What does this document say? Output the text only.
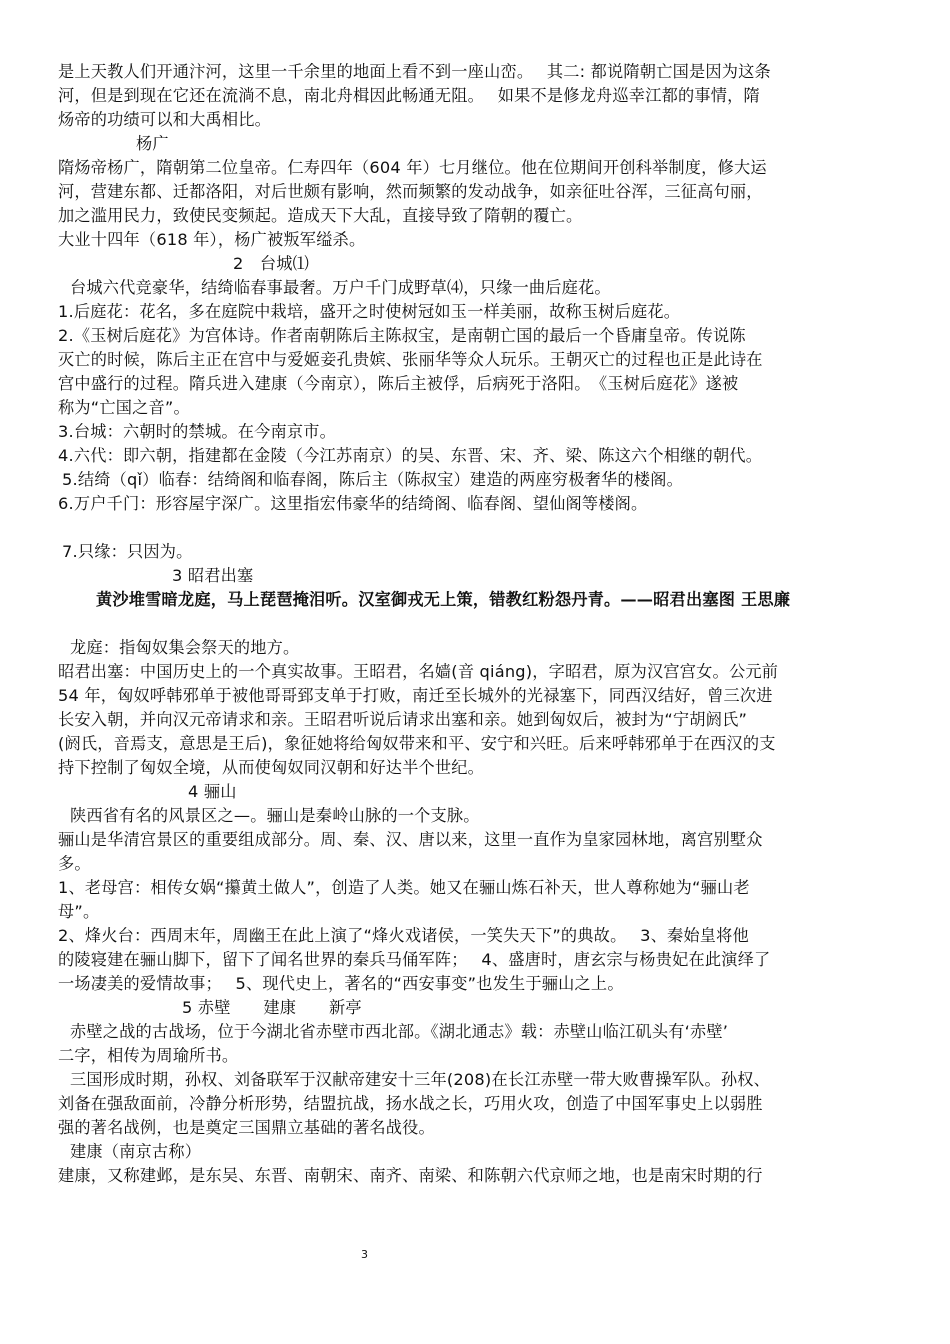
是上天教人们开通汴河，这里一千余里的地面上看不到一座山峦。　 其二: 都说隋朝亡国是因为这条
河，但是到现在它还在流淌不息，南北舟楫因此畅通无阻。　 如果不是修龙舟巡幸江都的事情，隋
炀帝的功绩可以和大禹相比。
杨广
隋炀帝杨广，隋朝第二位皇帝。仁寿四年（604 年）七月继位。他在位期间开创科举制度，修大运
河，营建东都、迁都洛阳，对后世颇有影响，然而频繁的发动战争，如亲征吐谷浑，三征高句丽，
加之滥用民力，致使民变频起。造成天下大乱，直接导致了隋朝的覆亡。
大业十四年（618 年），杨广被叛军缢杀。
2　台城⑴
台城六代竞豪华，结绮临春事最奢。万户千门成野草⑷，只缘一曲后庭花。
1.后庭花：花名，多在庭院中栽培，盛开之时使树冠如玉一样美丽，故称玉树后庭花。
2.《玉树后庭花》为宫体诗。作者南朝陈后主陈叔宝，是南朝亡国的最后一个昏庸皇帝。传说陈
灭亡的时候，陈后主正在宫中与爱姬妾孔贵嫔、张丽华等众人玩乐。王朝灭亡的过程也正是此诗在
宫中盛行的过程。隋兵进入建康（今南京），陈后主被俘，后病死于洛阳。　《玉树后庭花》遂被
称为“亡国之音”。
3.台城：六朝时的禁城。在今南京市。
4.六代：即六朝，指建都在金陵（今江苏南京）的吴、东晋、宋、齐、梁、陈这六个相继的朝代。
5.结绮（qǐ）临春：结绮阁和临春阁，陈后主（陈叔宝）建造的两座穷极奢华的楼阁。
6.万户千门：形容屋宇深广。这里指宏伟豪华的结绮阁、临春阁、望仙阁等楼阁。
7.只缘：只因为。
3 昭君出塞
黄沙堆雪暗龙庭，马上琵琶掩泪听。汉室御戎无上策，错教红粉怨丹青。——昭君出塞图 王思廉
龙庭：指匈奴集会祭天的地方。
昭君出塞：中国历史上的一个真实故事。王昭君，名嫱(音 qiáng)，字昭君，原为汉宫宫女。公元前
54 年，匈奴呼韩邪单于被他哥哥郅支单于打败，南迁至长城外的光禄塞下，同西汉结好，曾三次进
长安入朝，并向汉元帝请求和亲。王昭君听说后请求出塞和亲。她到匈奴后，被封为“宁胡阏氏”
(阏氏，音焉支，意思是王后)，象征她将给匈奴带来和平、安宁和兴旺。后来呼韩邪单于在西汉的支
持下控制了匈奴全境，从而使匈奴同汉朝和好达半个世纪。
4 骊山
陕西省有名的风景区之—。骊山是秦岭山脉的一个支脉。
骊山是华清宫景区的重要组成部分。周、秦、汉、唐以来，这里一直作为皇家园林地，离宫别墅众
多。
1、老母宫：相传女娲“攥黄土做人”，创造了人类。她又在骊山炼石补天，世人尊称她为“骊山老
母”。
2、烽火台：西周末年，周幽王在此上演了“烽火戏诸侯，一笑失天下”的典故。　 3、秦始皇将他
的陵寝建在骊山脚下，留下了闻名世界的秦兵马俑军阵；　 4、盛唐时，唐玄宗与杨贵妃在此演绎了
一场凄美的爱情故事；　 5、现代史上，著名的“西安事变”也发生于骊山之上。
5 赤壁　　建康　　新亭
赤壁之战的古战场，位于今湖北省赤壁市西北部。《湖北通志》载：赤壁山临江矶头有‘赤壁’
二字，相传为周瑜所书。
三国形成时期，孙权、刘备联军于汉献帝建安十三年(208)在长江赤壁一带大败曹操军队。孙权、
刘备在强敌面前，冷静分析形势，结盟抗战，扬水战之长，巧用火攻，创造了中国军事史上以弱胜
强的著名战例，也是奠定三国鼎立基础的著名战役。
建康（南京古称）
建康，又称建邺，是东吴、东晋、南朝宋、南齐、南梁、和陈朝六代京师之地，也是南宋时期的行
3
